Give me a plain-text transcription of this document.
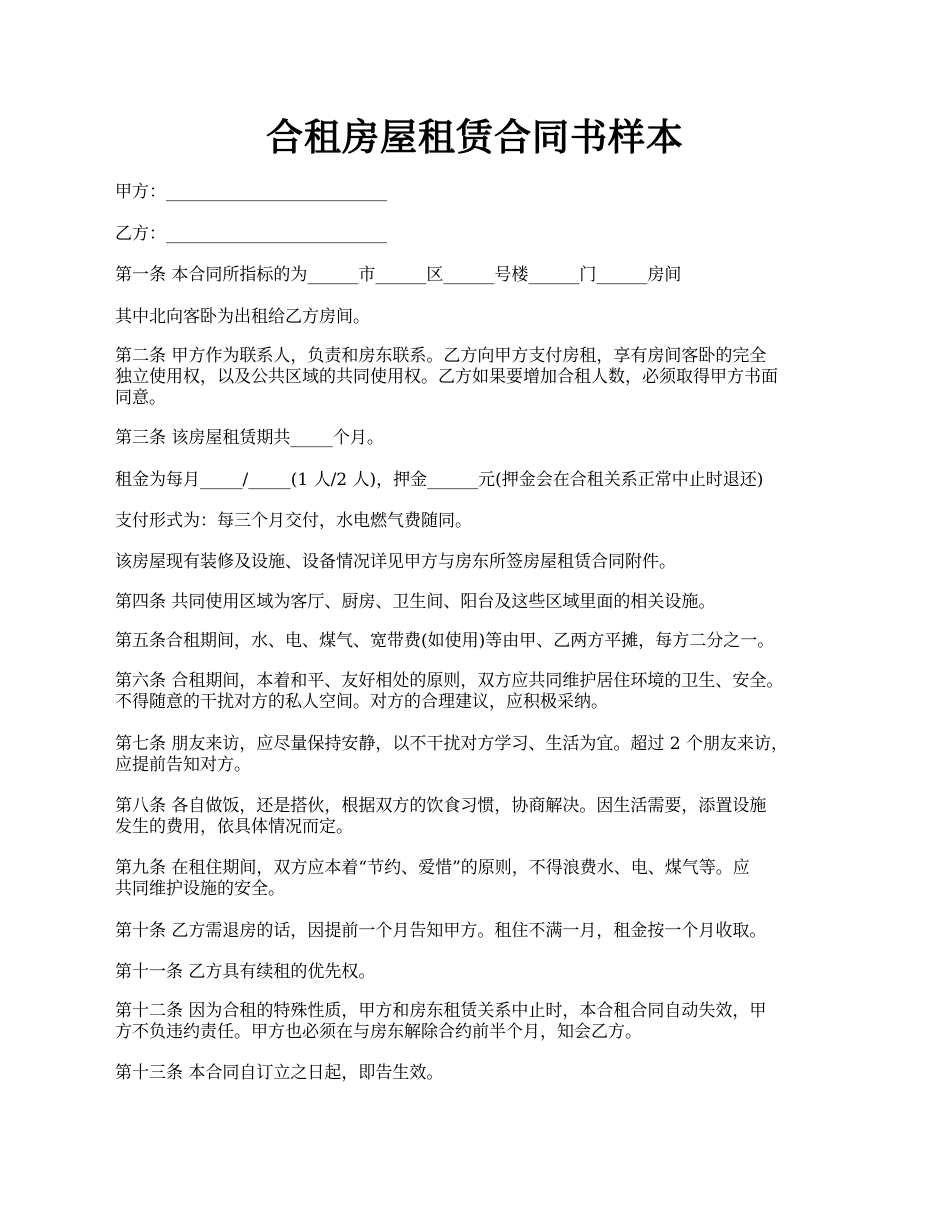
合租房屋租赁合同书样本
甲方：__________________________
乙方：__________________________
第一条 本合同所指标的为______市______区______号楼______门______房间
其中北向客卧为出租给乙方房间。
第二条 甲方作为联系人，负责和房东联系。乙方向甲方支付房租，享有房间客卧的完全
独立使用权，以及公共区域的共同使用权。乙方如果要增加合租人数，必须取得甲方书面
同意。
第三条 该房屋租赁期共_____个月。
租金为每月_____/_____(1 人/2 人)，押金______元(押金会在合租关系正常中止时退还)
支付形式为：每三个月交付，水电燃气费随同。
该房屋现有装修及设施、设备情况详见甲方与房东所签房屋租赁合同附件。
第四条 共同使用区域为客厅、厨房、卫生间、阳台及这些区域里面的相关设施。
第五条合租期间，水、电、煤气、宽带费(如使用)等由甲、乙两方平摊，每方二分之一。
第六条 合租期间，本着和平、友好相处的原则，双方应共同维护居住环境的卫生、安全。
不得随意的干扰对方的私人空间。对方的合理建议，应积极采纳。
第七条 朋友来访，应尽量保持安静，以不干扰对方学习、生活为宜。超过 2 个朋友来访，
应提前告知对方。
第八条 各自做饭，还是搭伙，根据双方的饮食习惯，协商解决。因生活需要，添置设施
发生的费用，依具体情况而定。
第九条 在租住期间，双方应本着“节约、爱惜”的原则，不得浪费水、电、煤气等。应
共同维护设施的安全。
第十条 乙方需退房的话，因提前一个月告知甲方。租住不满一月，租金按一个月收取。
第十一条 乙方具有续租的优先权。
第十二条 因为合租的特殊性质，甲方和房东租赁关系中止时，本合租合同自动失效，甲
方不负违约责任。甲方也必须在与房东解除合约前半个月，知会乙方。
第十三条 本合同自订立之日起，即告生效。
